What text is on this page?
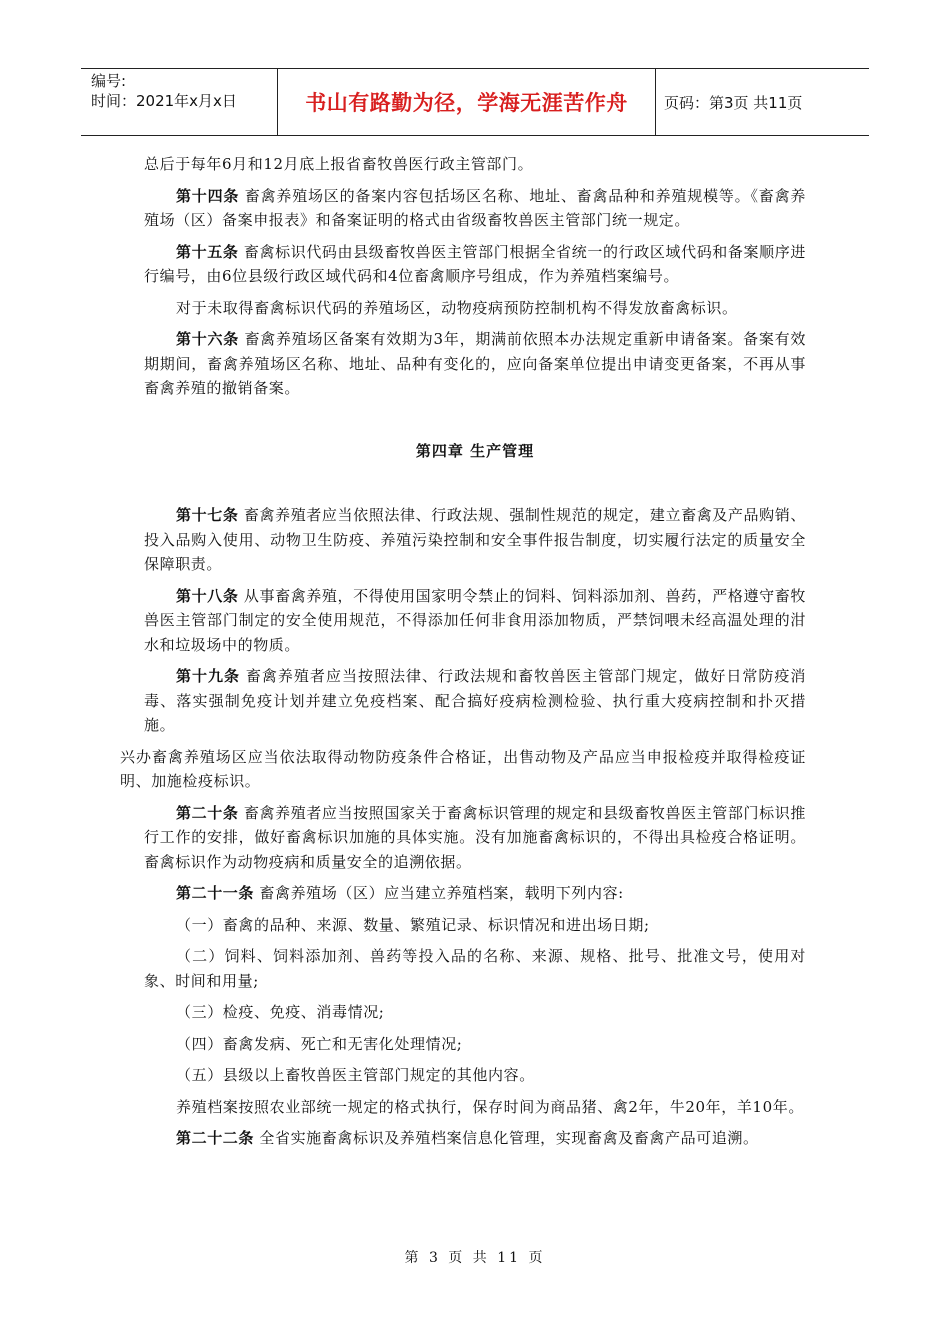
编号:
时间：2021年x月x日	书山有路勤为径，学海无涯苦作舟	页码：第3页 共11页

总后于每年6月和12月底上报省畜牧兽医行政主管部门。

第十四条 畜禽养殖场区的备案内容包括场区名称、地址、畜禽品种和养殖规模等。《畜禽养殖场（区）备案申报表》和备案证明的格式由省级畜牧兽医主管部门统一规定。

第十五条 畜禽标识代码由县级畜牧兽医主管部门根据全省统一的行政区域代码和备案顺序进行编号，由6位县级行政区域代码和4位畜禽顺序号组成，作为养殖档案编号。

对于未取得畜禽标识代码的养殖场区，动物疫病预防控制机构不得发放畜禽标识。

第十六条 畜禽养殖场区备案有效期为3年，期满前依照本办法规定重新申请备案。备案有效期期间，畜禽养殖场区名称、地址、品种有变化的，应向备案单位提出申请变更备案，不再从事畜禽养殖的撤销备案。

第四章 生产管理

第十七条 畜禽养殖者应当依照法律、行政法规、强制性规范的规定，建立畜禽及产品购销、投入品购入使用、动物卫生防疫、养殖污染控制和安全事件报告制度，切实履行法定的质量安全保障职责。

第十八条 从事畜禽养殖，不得使用国家明令禁止的饲料、饲料添加剂、兽药，严格遵守畜牧兽医主管部门制定的安全使用规范，不得添加任何非食用添加物质，严禁饲喂未经高温处理的泔水和垃圾场中的物质。

第十九条 畜禽养殖者应当按照法律、行政法规和畜牧兽医主管部门规定，做好日常防疫消毒、落实强制免疫计划并建立免疫档案、配合搞好疫病检测检验、执行重大疫病控制和扑灭措施。

兴办畜禽养殖场区应当依法取得动物防疫条件合格证，出售动物及产品应当申报检疫并取得检疫证明、加施检疫标识。

第二十条 畜禽养殖者应当按照国家关于畜禽标识管理的规定和县级畜牧兽医主管部门标识推行工作的安排，做好畜禽标识加施的具体实施。没有加施畜禽标识的，不得出具检疫合格证明。畜禽标识作为动物疫病和质量安全的追溯依据。

第二十一条 畜禽养殖场（区）应当建立养殖档案，载明下列内容:

（一）畜禽的品种、来源、数量、繁殖记录、标识情况和进出场日期;

（二）饲料、饲料添加剂、兽药等投入品的名称、来源、规格、批号、批准文号，使用对象、时间和用量;

（三）检疫、免疫、消毒情况;

（四）畜禽发病、死亡和无害化处理情况;

（五）县级以上畜牧兽医主管部门规定的其他内容。

养殖档案按照农业部统一规定的格式执行，保存时间为商品猪、禽2年，牛20年，羊10年。

第二十二条 全省实施畜禽标识及养殖档案信息化管理，实现畜禽及畜禽产品可追溯。

第 3 页 共 11 页
